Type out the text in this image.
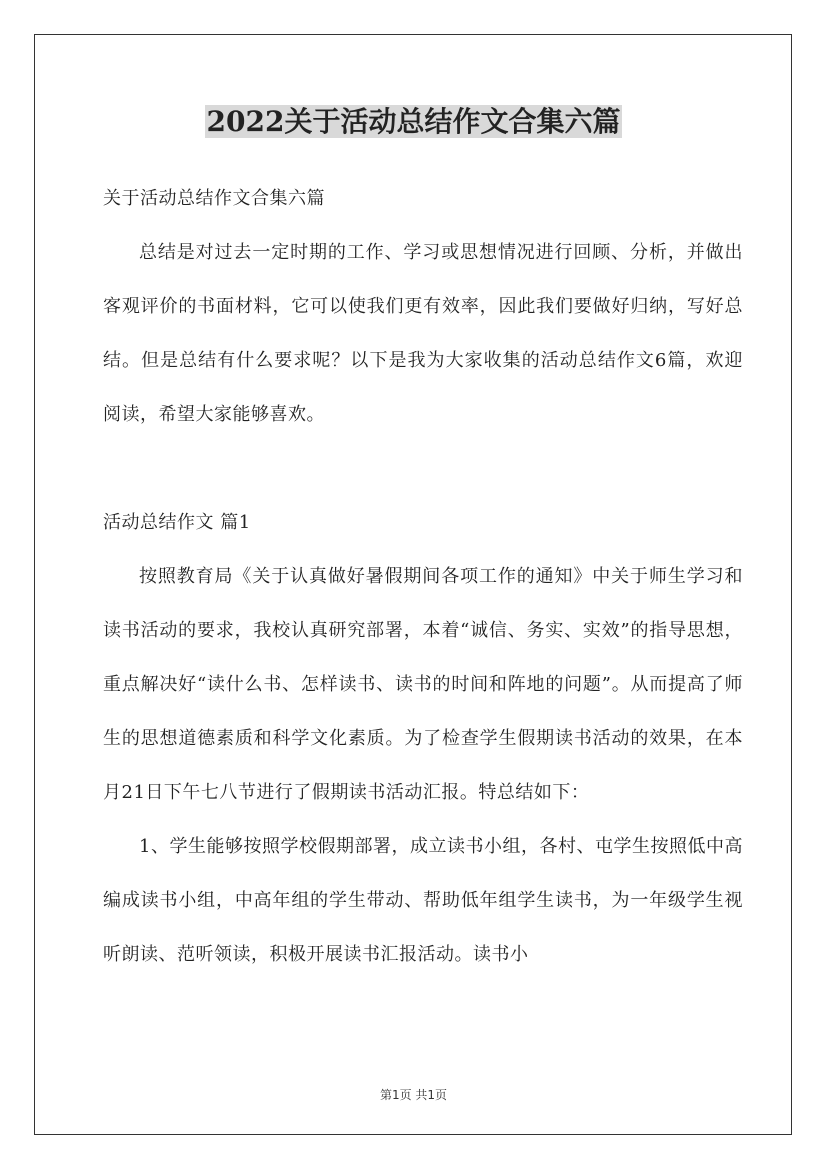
2022关于活动总结作文合集六篇

关于活动总结作文合集六篇

总结是对过去一定时期的工作、学习或思想情况进行回顾、分析，并做出客观评价的书面材料，它可以使我们更有效率，因此我们要做好归纳，写好总结。但是总结有什么要求呢？以下是我为大家收集的活动总结作文6篇，欢迎阅读，希望大家能够喜欢。

活动总结作文 篇1

按照教育局《关于认真做好暑假期间各项工作的通知》中关于师生学习和读书活动的要求，我校认真研究部署，本着“诚信、务实、实效”的指导思想，重点解决好“读什么书、怎样读书、读书的时间和阵地的问题”。从而提高了师生的思想道德素质和科学文化素质。为了检查学生假期读书活动的效果，在本月21日下午七八节进行了假期读书活动汇报。特总结如下：

1、学生能够按照学校假期部署，成立读书小组，各村、屯学生按照低中高编成读书小组，中高年组的学生带动、帮助低年组学生读书，为一年级学生视听朗读、范听领读，积极开展读书汇报活动。读书小

第1页 共1页
